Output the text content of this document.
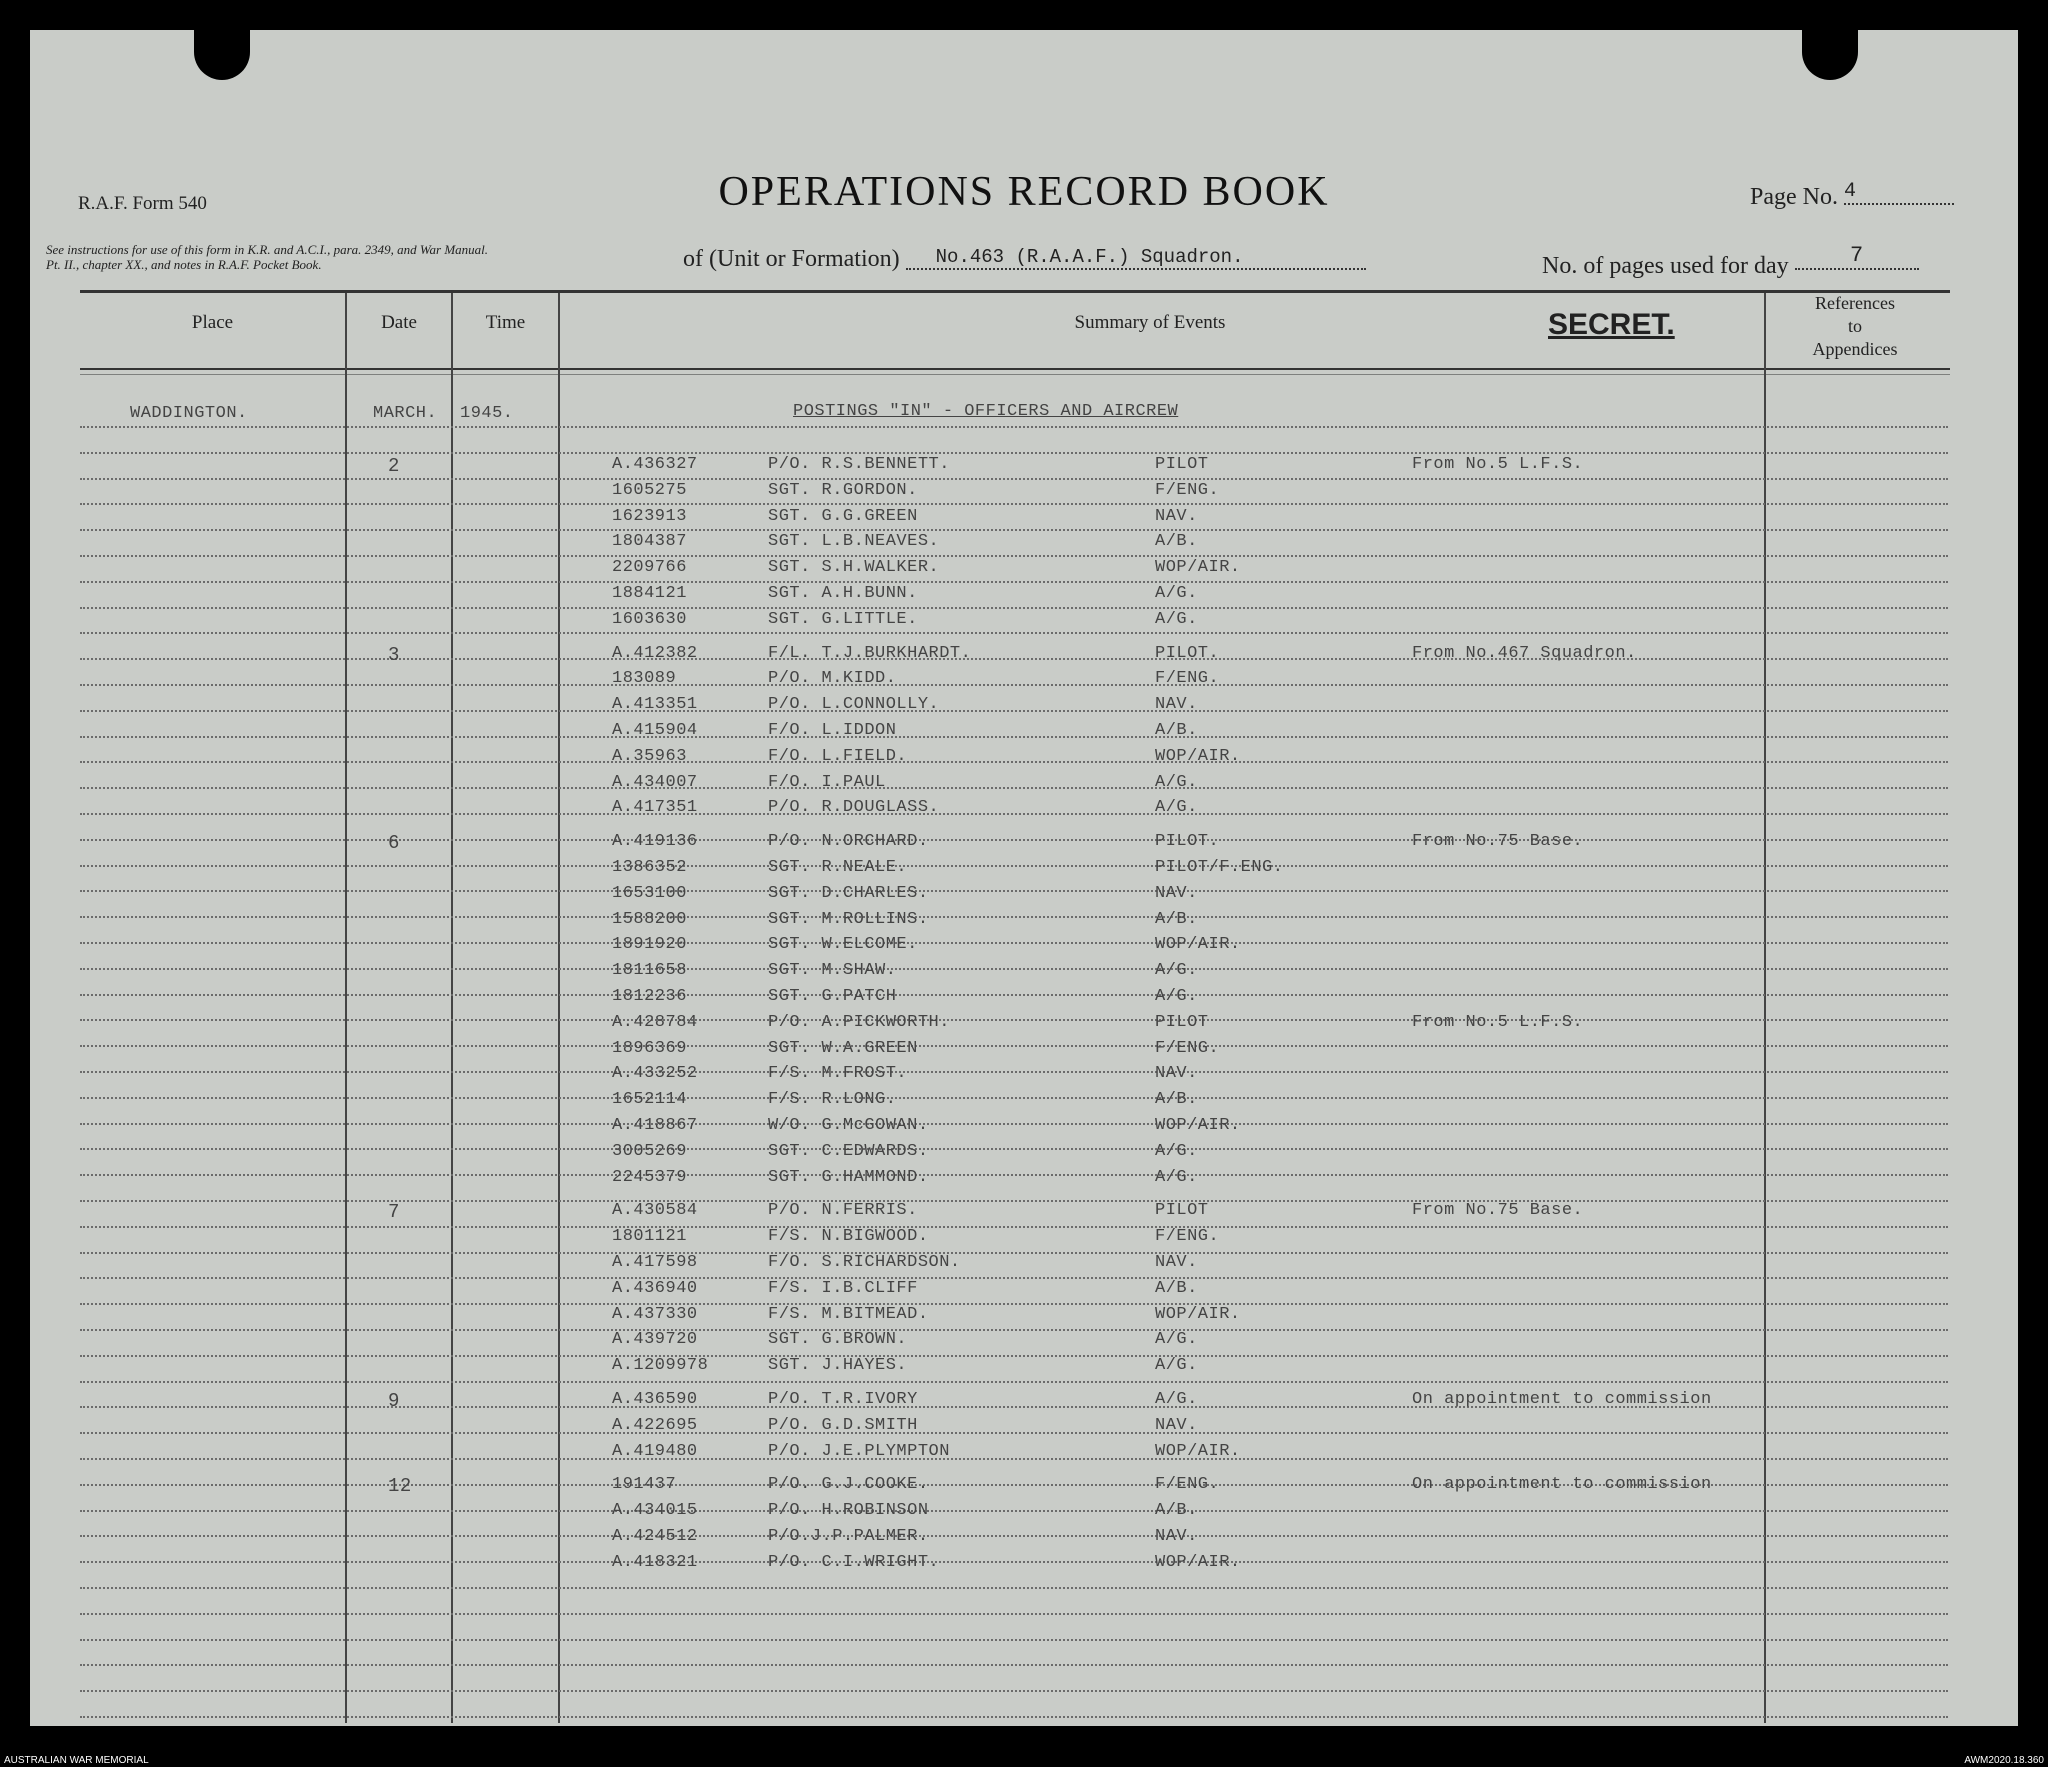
R.A.F. Form 540
See instructions for use of this form in K.R. and A.C.I., para. 2349, and War Manual. Pt. II., chapter XX., and notes in R.A.F. Pocket Book.
OPERATIONS RECORD BOOK	Page No. 4
of (Unit or Formation) No.463 (R.A.A.F.) Squadron.	No. of pages used for day	7
Place	Date	Time	Summary of Events	SECRET.
References
to
Appendices
WADDINGTON.	MARCH. 1945.	POSTINGS "IN" - OFFICERS AND AIRCREW
2	A.436327	P/O. R.S.BENNETT.	PILOT	From No.5 L.F.S.
1605275	SGT. R.GORDON.	F/ENG.
1623913	SGT. G.G.GREEN	NAV.
1804387	SGT. L.B.NEAVES.	A/B.
2209766	SGT. S.H.WALKER.	WOP/AIR.
1884121	SGT. A.H.BUNN.	A/G.
1603630	SGT. G.LITTLE.	A/G.
3	A.412382	F/L. T.J.BURKHARDT.	PILOT.	From No.467 Squadron.
183089	P/O. M.KIDD.	F/ENG.
A.413351	P/O. L.CONNOLLY.	NAV.
A.415904	F/O. L.IDDON	A/B.
A.35963	F/O. L.FIELD.	WOP/AIR.
A.434007	F/O. I.PAUL	A/G.
A.417351	P/O. R.DOUGLASS.	A/G.
6	A.419136	P/O. N.ORCHARD.	PILOT.	From No.75 Base.
1386352	SGT. R.NEALE.	PILOT/F.ENG.
1653100	SGT. D.CHARLES.	NAV.
1588200	SGT. M.ROLLINS.	A/B.
1891920	SGT. W.ELCOME.	WOP/AIR.
1811658	SGT. M.SHAW.	A/G.
1812236	SGT. G.PATCH	A/G.
A.428784	P/O. A.PICKWORTH.	PILOT	From No.5 L.F.S.
1896369	SGT. W.A.GREEN	F/ENG.
A.433252	F/S. M.FROST.	NAV.
1652114	F/S. R.LONG.	A/B.
A.418867	W/O. G.McGOWAN.	WOP/AIR.
3005269	SGT. C.EDWARDS.	A/G.
2245379	SGT. G.HAMMOND.	A/G.
7	A.430584	P/O. N.FERRIS.	PILOT	From No.75 Base.
1801121	F/S. N.BIGWOOD.	F/ENG.
A.417598	F/O. S.RICHARDSON.	NAV.
A.436940	F/S. I.B.CLIFF	A/B.
A.437330	F/S. M.BITMEAD.	WOP/AIR.
A.439720	SGT. G.BROWN.	A/G.
A.1209978	SGT. J.HAYES.	A/G.
9	A.436590	P/O. T.R.IVORY	A/G.	On appointment to commission
A.422695	P/O. G.D.SMITH	NAV.
A.419480	P/O. J.E.PLYMPTON	WOP/AIR.
12	191437	P/O. G.J.COOKE.	F/ENG.	On appointment to commission
A.434015	P/O. H.ROBINSON	A/B.
A.424512	P/O.J.P.PALMER.	NAV.
A.418321	P/O. C.I.WRIGHT.	WOP/AIR.
AUSTRALIAN WAR MEMORIAL	AWM2020.18.360
